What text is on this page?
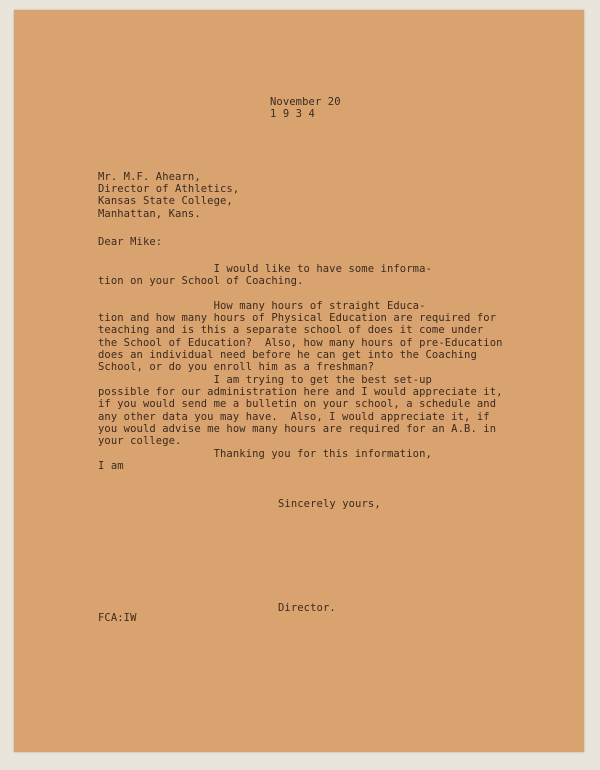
November 20
1 9 3 4
Mr. M.F. Ahearn,
Director of Athletics,
Kansas State College,
Manhattan, Kans.
Dear Mike:
I would like to have some informa-
tion on your School of Coaching.
How many hours of straight Educa-
tion and how many hours of Physical Education are required for
teaching and is this a separate school of does it come under
the School of Education?  Also, how many hours of pre-Education
does an individual need before he can get into the Coaching
School, or do you enroll him as a freshman?
I am trying to get the best set-up
possible for our administration here and I would appreciate it,
if you would send me a bulletin on your school, a schedule and
any other data you may have.  Also, I would appreciate it, if
you would advise me how many hours are required for an A.B. in
your college.
Thanking you for this information,
I am
Sincerely yours,
Director.
FCA:IW
